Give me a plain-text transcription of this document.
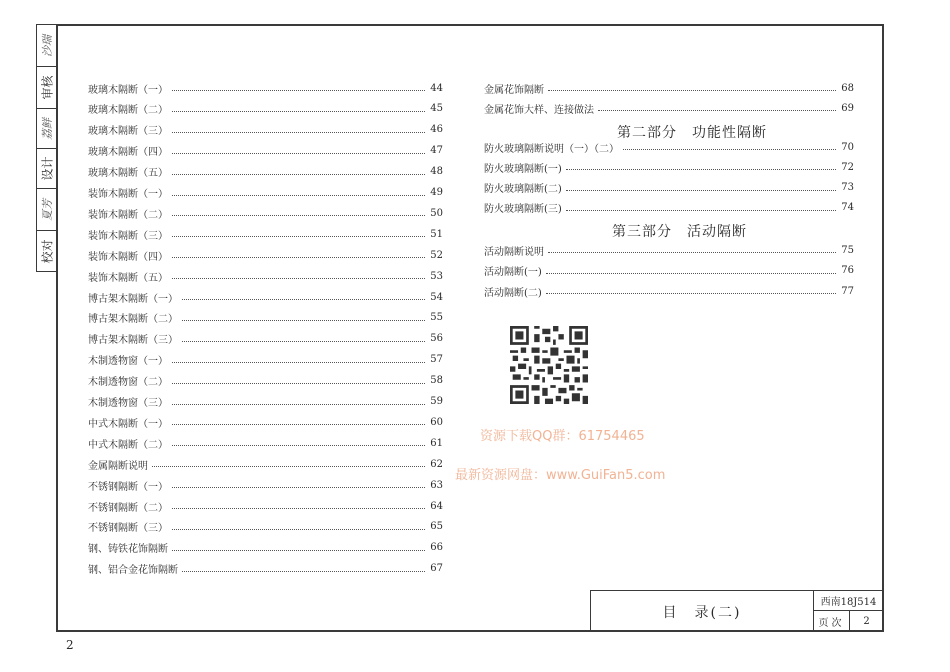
沙瑞
审核
荔鲜
设计
夏芳
校对
玻璃木隔断（一）	44
玻璃木隔断（二）	45
玻璃木隔断（三）	46
玻璃木隔断（四）	47
玻璃木隔断（五）	48
装饰木隔断（一）	49
装饰木隔断（二）	50
装饰木隔断（三）	51
装饰木隔断（四）	52
装饰木隔断（五）	53
博古架木隔断（一）	54
博古架木隔断（二）	55
博古架木隔断（三）	56
木制透物窗（一）	57
木制透物窗（二）	58
木制透物窗（三）	59
中式木隔断（一）	60
中式木隔断（二）	61
金属隔断说明	62
不锈钢隔断（一）	63
不锈钢隔断（二）	64
不锈钢隔断（三）	65
钢、铸铁花饰隔断	66
钢、铝合金花饰隔断	67
金属花饰隔断	68
金属花饰大样、连接做法	69
第二部分　功能性隔断
防火玻璃隔断说明（一）（二）	70
防火玻璃隔断(一)	72
防火玻璃隔断(二)	73
防火玻璃隔断(三)	74
第三部分　活动隔断
活动隔断说明	75
活动隔断(一)	76
活动隔断(二)	77
资源下载QQ群：61754465
最新资源网盘：www.GuiFan5.com
目　录(二)
西南18J514
页次	2
2
